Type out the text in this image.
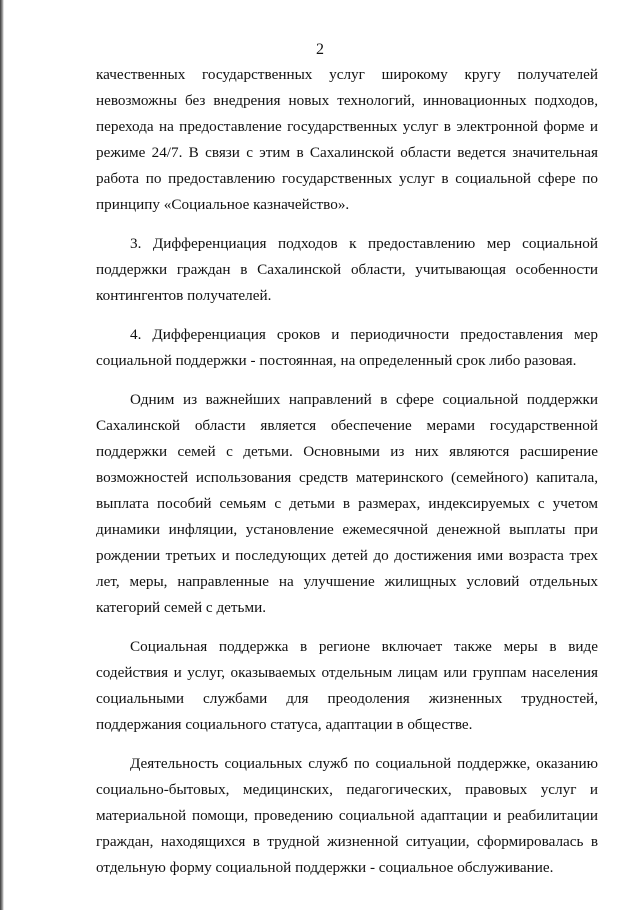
2

качественных государственных услуг широкому кругу получателей невозможны без внедрения новых технологий, инновационных подходов, перехода на предоставление государственных услуг в электронной форме и режиме 24/7. В связи с этим в Сахалинской области ведется значительная работа по предоставлению государственных услуг в социальной сфере по принципу «Социальное казначейство».

3. Дифференциация подходов к предоставлению мер социальной поддержки граждан в Сахалинской области, учитывающая особенности контингентов получателей.

4. Дифференциация сроков и периодичности предоставления мер социальной поддержки - постоянная, на определенный срок либо разовая.

Одним из важнейших направлений в сфере социальной поддержки Сахалинской области является обеспечение мерами государственной поддержки семей с детьми. Основными из них являются расширение возможностей использования средств материнского (семейного) капитала, выплата пособий семьям с детьми в размерах, индексируемых с учетом динамики инфляции, установление ежемесячной денежной выплаты при рождении третьих и последующих детей до достижения ими возраста трех лет, меры, направленные на улучшение жилищных условий отдельных категорий семей с детьми.

Социальная поддержка в регионе включает также меры в виде содействия и услуг, оказываемых отдельным лицам или группам населения социальными службами для преодоления жизненных трудностей, поддержания социального статуса, адаптации в обществе.

Деятельность социальных служб по социальной поддержке, оказанию социально-бытовых, медицинских, педагогических, правовых услуг и материальной помощи, проведению социальной адаптации и реабилитации граждан, находящихся в трудной жизненной ситуации, сформировалась в отдельную форму социальной поддержки - социальное обслуживание.
